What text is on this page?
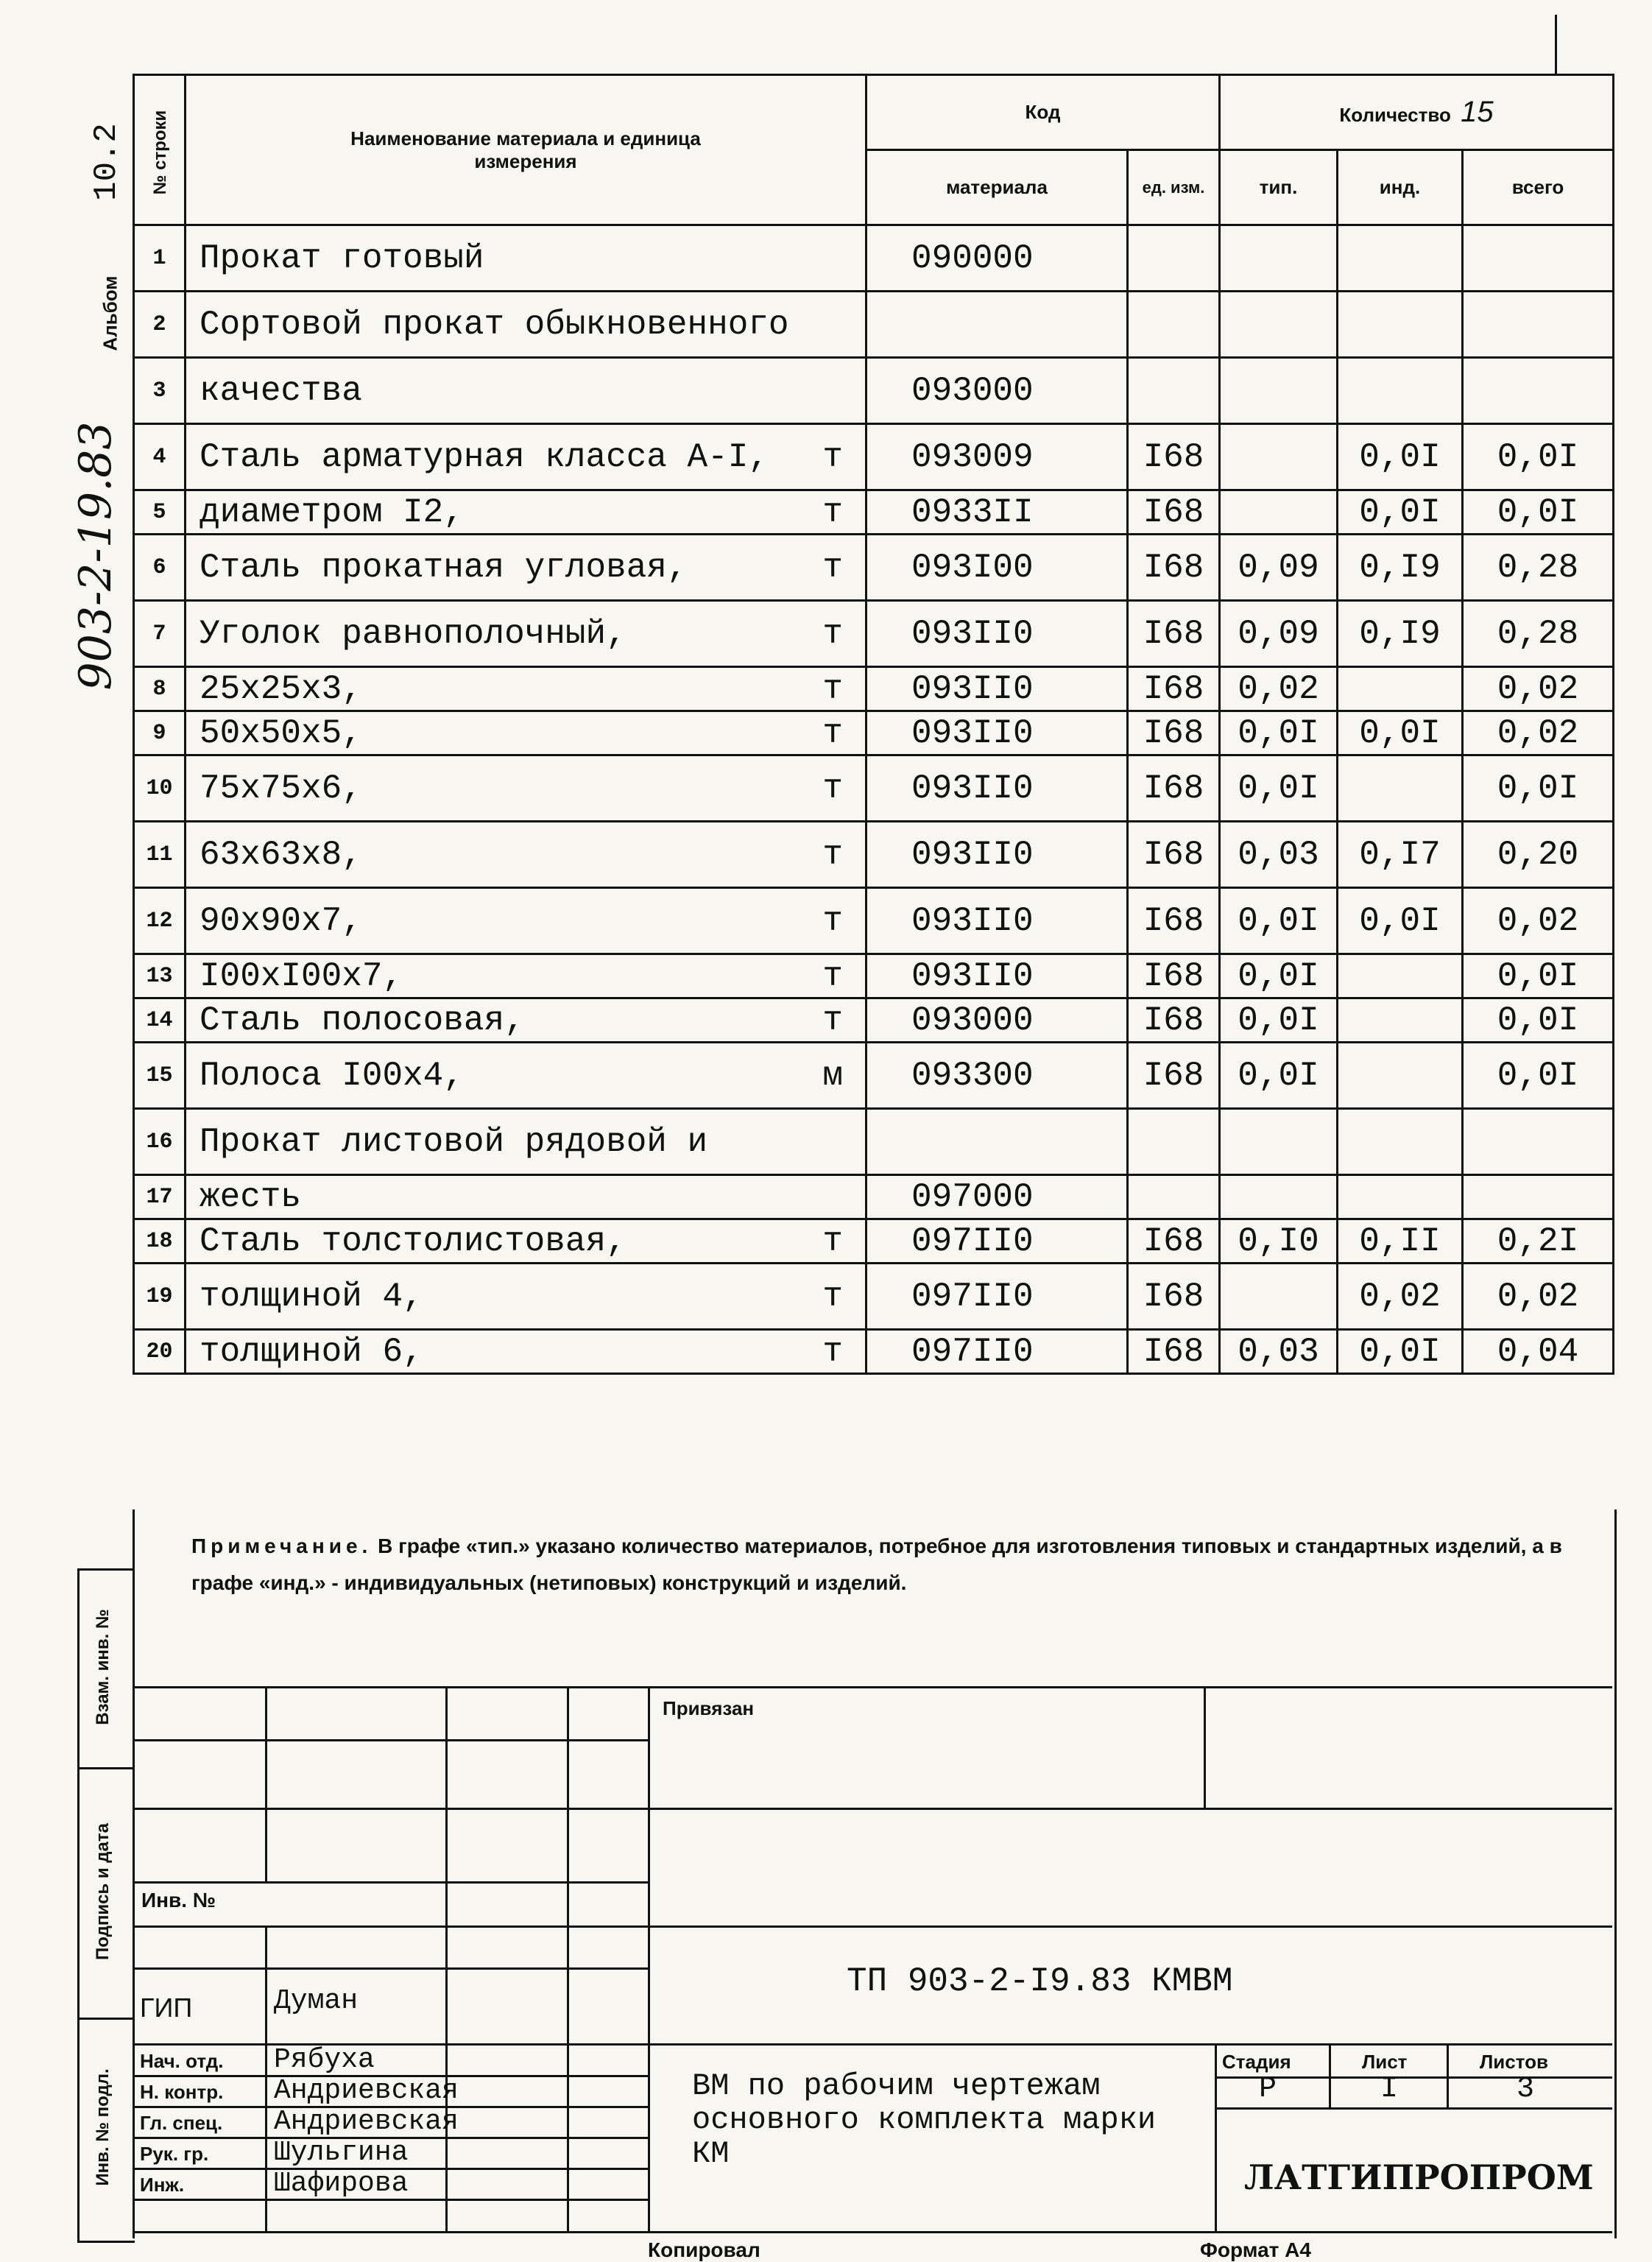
10.2
Альбом
903-2-19.83
Взам. инв. №
Подпись и дата
Инв. № подл.
№ строки	Наименование материала и единица измерения	Код		Количество 15		
		материала	ед. изм.	тип.	инд.	всего
1	Прокат готовый	090000				
2	Сортовой прокат обыкновенного

3	качества	093000				
4	Сталь арматурная класса А-I, т	093009	I68		0,0I	0,0I
5	диаметром I2, т	0933II	I68		0,0I	0,0I
6	Сталь прокатная угловая, т	093I00	I68	0,09	0,I9	0,28
7	Уголок равнополочный, т	093II0	I68	0,09	0,I9	0,28
8	25х25х3, т	093II0	I68	0,02		0,02
9	50х50х5, т	093II0	I68	0,0I	0,0I	0,02
10	75х75х6, т	093II0	I68	0,0I		0,0I
11	63х63х8, т	093II0	I68	0,03	0,I7	0,20
12	90х90х7, т	093II0	I68	0,0I	0,0I	0,02
13	I00хI00х7, т	093II0	I68	0,0I		0,0I
14	Сталь полосовая, т	093000	I68	0,0I		0,0I
15	Полоса I00х4, м	093300	I68	0,0I		0,0I
16	Прокат листовой рядовой и

17	жесть	097000				
18	Сталь толстолистовая, т	097II0	I68	0,I0	0,II	0,2I
19	толщиной 4, т	097II0	I68		0,02	0,02
20	толщиной 6, т	097II0	I68	0,03	0,0I	0,04
Примечание. В графе «тип.» указано количество материалов, потребное для изготовления типовых и стандартных изделий, а в графе «инд.» - индивидуальных (нетиповых) конструкций и изделий.
Привязан
Инв. №
ТП 903-2-I9.83 КМВМ
ГИП	Думан
Нач. отд. Рябуха
Н. контр. Андриевская
Гл. спец. Андриевская
Рук. гр. Шульгина
Инж.	Шафирова
ВМ по рабочим чертежам основного комплекта марки КМ
Стадия	Лист	Листов
Р	I	3
ЛАТГИПРОПРОМ
Копировал	Формат А4
